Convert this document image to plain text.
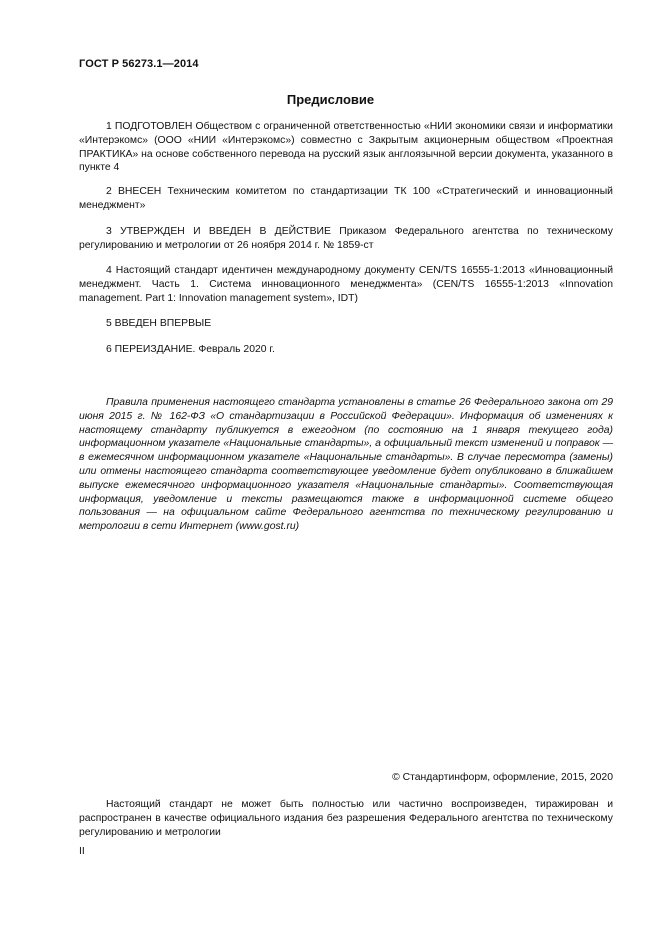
ГОСТ Р 56273.1—2014
Предисловие
1 ПОДГОТОВЛЕН Обществом с ограниченной ответственностью «НИИ экономики связи и информатики «Интерэкомс» (ООО «НИИ «Интерэкомс») совместно с Закрытым акционерным обществом «Проектная ПРАКТИКА» на основе собственного перевода на русский язык англоязычной версии документа, указанного в пункте 4
2 ВНЕСЕН Техническим комитетом по стандартизации ТК 100 «Стратегический и инновационный менеджмент»
3 УТВЕРЖДЕН И ВВЕДЕН В ДЕЙСТВИЕ Приказом Федерального агентства по техническому регулированию и метрологии от 26 ноября 2014 г. № 1859-ст
4 Настоящий стандарт идентичен международному документу CEN/TS 16555-1:2013 «Инновационный менеджмент. Часть 1. Система инновационного менеджмента» (CEN/TS 16555-1:2013 «Innovation management. Part 1: Innovation management system», IDT)
5 ВВЕДЕН ВПЕРВЫЕ
6 ПЕРЕИЗДАНИЕ. Февраль 2020 г.
Правила применения настоящего стандарта установлены в статье 26 Федерального закона от 29 июня 2015 г. № 162-ФЗ «О стандартизации в Российской Федерации». Информация об изменениях к настоящему стандарту публикуется в ежегодном (по состоянию на 1 января текущего года) информационном указателе «Национальные стандарты», а официальный текст изменений и поправок — в ежемесячном информационном указателе «Национальные стандарты». В случае пересмотра (замены) или отмены настоящего стандарта соответствующее уведомление будет опубликовано в ближайшем выпуске ежемесячного информационного указателя «Национальные стандарты». Соответствующая информация, уведомление и тексты размещаются также в информационной системе общего пользования — на официальном сайте Федерального агентства по техническому регулированию и метрологии в сети Интернет (www.gost.ru)
© Стандартинформ, оформление, 2015, 2020
Настоящий стандарт не может быть полностью или частично воспроизведен, тиражирован и распространен в качестве официального издания без разрешения Федерального агентства по техническому регулированию и метрологии
II
